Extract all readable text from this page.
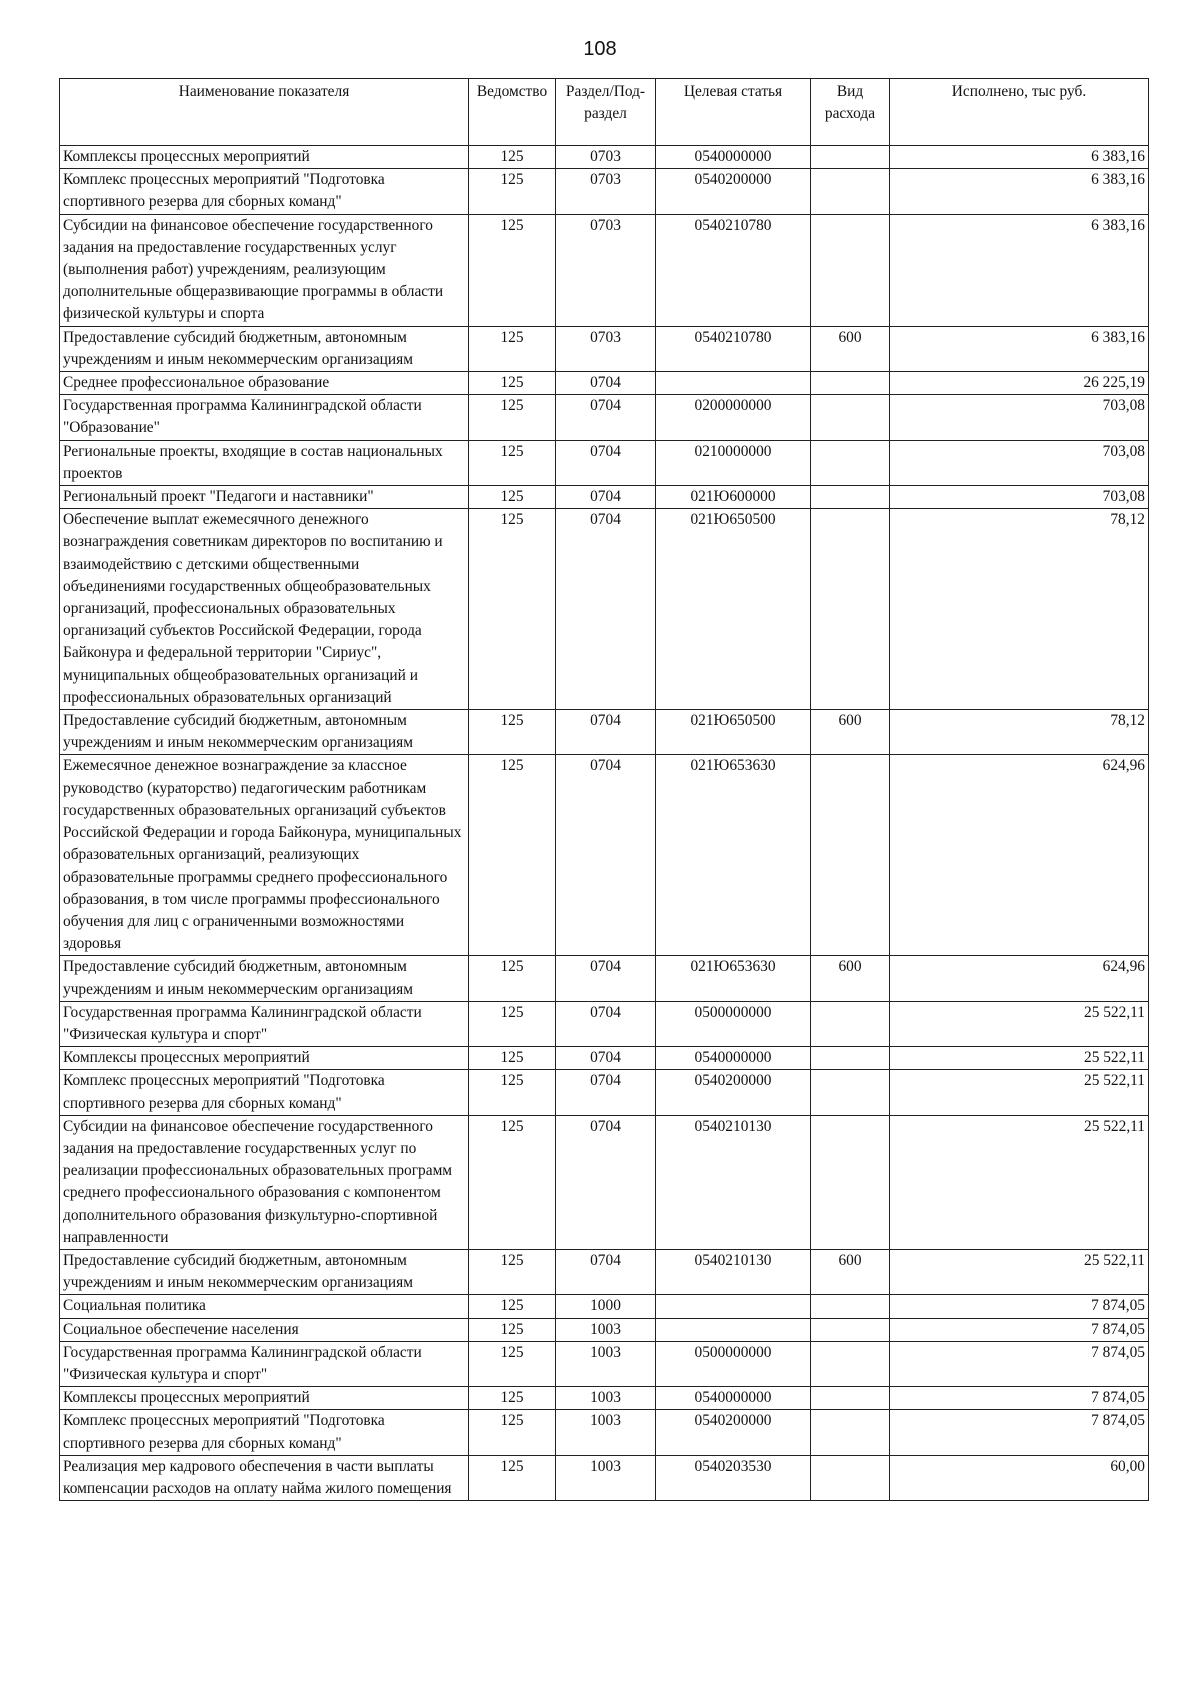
108
Наименование показателя	Ведомство	Раздел/Под-раздел	Целевая статья	Вид расхода	Исполнено, тыс руб.
Комплексы процессных мероприятий	125	0703	0540000000		6 383,16
Комплекс процессных мероприятий "Подготовка спортивного резерва для сборных команд"	125	0703	0540200000		6 383,16
Субсидии на финансовое обеспечение государственного задания на предоставление государственных услуг (выполнения работ) учреждениям, реализующим дополнительные общеразвивающие программы в области физической культуры и спорта	125	0703	0540210780		6 383,16
Предоставление субсидий бюджетным, автономным учреждениям и иным некоммерческим организациям	125	0703	0540210780	600	6 383,16
Среднее профессиональное образование	125	0704			26 225,19
Государственная программа Калининградской области "Образование"	125	0704	0200000000		703,08
Региональные проекты, входящие в состав национальных проектов	125	0704	0210000000		703,08
Региональный проект "Педагоги и наставники"	125	0704	021Ю600000		703,08
Обеспечение выплат ежемесячного денежного вознаграждения советникам директоров по воспитанию и взаимодействию с детскими общественными объединениями государственных общеобразовательных организаций, профессиональных образовательных организаций субъектов Российской Федерации, города Байконура и федеральной территории "Сириус", муниципальных общеобразовательных организаций и профессиональных образовательных организаций	125	0704	021Ю650500		78,12
Предоставление субсидий бюджетным, автономным учреждениям и иным некоммерческим организациям	125	0704	021Ю650500	600	78,12
Ежемесячное денежное вознаграждение за классное руководство (кураторство) педагогическим работникам государственных образовательных организаций субъектов Российской Федерации и города Байконура, муниципальных образовательных организаций, реализующих образовательные программы среднего профессионального образования, в том числе программы профессионального обучения для лиц с ограниченными возможностями здоровья	125	0704	021Ю653630		624,96
Предоставление субсидий бюджетным, автономным учреждениям и иным некоммерческим организациям	125	0704	021Ю653630	600	624,96
Государственная программа Калининградской области "Физическая культура и спорт"	125	0704	0500000000		25 522,11
Комплексы процессных мероприятий	125	0704	0540000000		25 522,11
Комплекс процессных мероприятий "Подготовка спортивного резерва для сборных команд"	125	0704	0540200000		25 522,11
Субсидии на финансовое обеспечение государственного задания на предоставление государственных услуг по реализации профессиональных образовательных программ среднего профессионального образования с компонентом дополнительного образования физкультурно-спортивной направленности	125	0704	0540210130		25 522,11
Предоставление субсидий бюджетным, автономным учреждениям и иным некоммерческим организациям	125	0704	0540210130	600	25 522,11
Социальная политика	125	1000			7 874,05
Социальное обеспечение населения	125	1003			7 874,05
Государственная программа Калининградской области "Физическая культура и спорт"	125	1003	0500000000		7 874,05
Комплексы процессных мероприятий	125	1003	0540000000		7 874,05
Комплекс процессных мероприятий "Подготовка спортивного резерва для сборных команд"	125	1003	0540200000		7 874,05
Реализация мер кадрового обеспечения в части выплаты компенсации расходов на оплату найма жилого помещения	125	1003	0540203530		60,00
